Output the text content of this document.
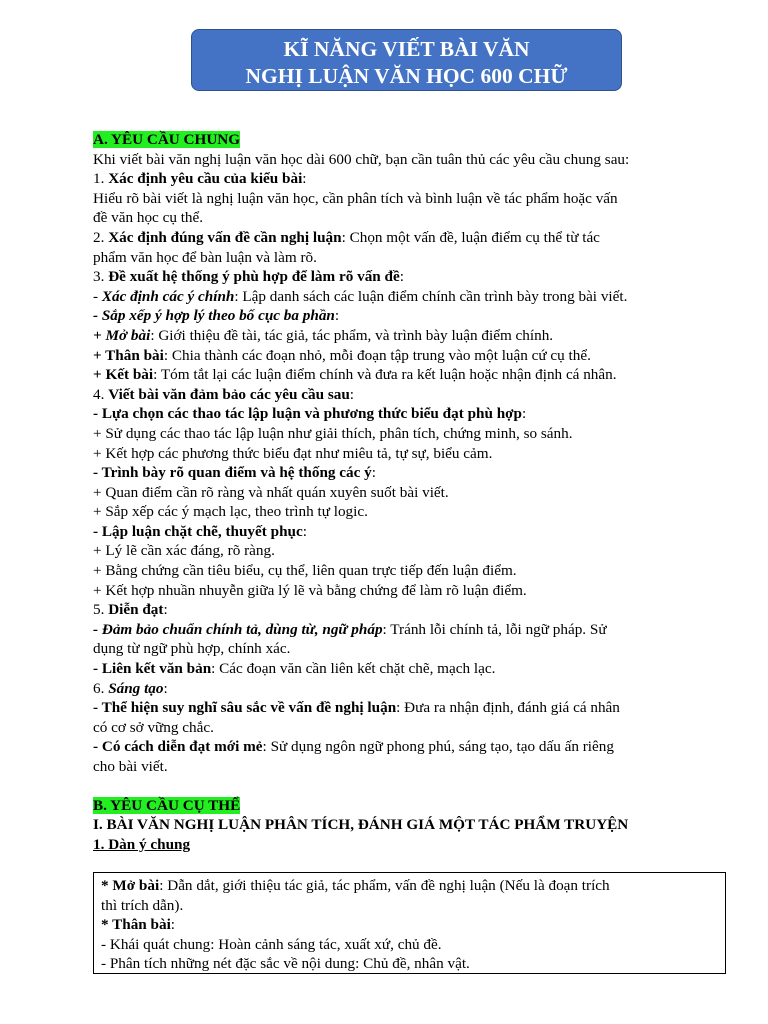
KĨ NĂNG VIẾT BÀI VĂN
NGHỊ LUẬN VĂN HỌC 600 CHỮ
A. YÊU CẦU CHUNG
Khi viết bài văn nghị luận văn học dài 600 chữ, bạn cần tuân thủ các yêu cầu chung sau:
1. Xác định yêu cầu của kiểu bài:
Hiểu rõ bài viết là nghị luận văn học, cần phân tích và bình luận về tác phẩm hoặc vấn
đề văn học cụ thể.
2. Xác định đúng vấn đề cần nghị luận: Chọn một vấn đề, luận điểm cụ thể từ tác
phẩm văn học để bàn luận và làm rõ.
3. Đề xuất hệ thống ý phù hợp để làm rõ vấn đề:
- Xác định các ý chính: Lập danh sách các luận điểm chính cần trình bày trong bài viết.
- Sắp xếp ý hợp lý theo bố cục ba phần:
+ Mở bài: Giới thiệu đề tài, tác giả, tác phẩm, và trình bày luận điểm chính.
+ Thân bài: Chia thành các đoạn nhỏ, mỗi đoạn tập trung vào một luận cứ cụ thể.
+ Kết bài: Tóm tắt lại các luận điểm chính và đưa ra kết luận hoặc nhận định cá nhân.
4. Viết bài văn đảm bảo các yêu cầu sau:
- Lựa chọn các thao tác lập luận và phương thức biểu đạt phù hợp:
+ Sử dụng các thao tác lập luận như giải thích, phân tích, chứng minh, so sánh.
+ Kết hợp các phương thức biểu đạt như miêu tả, tự sự, biểu cảm.
- Trình bày rõ quan điểm và hệ thống các ý:
+ Quan điểm cần rõ ràng và nhất quán xuyên suốt bài viết.
+ Sắp xếp các ý mạch lạc, theo trình tự logic.
- Lập luận chặt chẽ, thuyết phục:
+ Lý lẽ cần xác đáng, rõ ràng.
+ Bằng chứng cần tiêu biểu, cụ thể, liên quan trực tiếp đến luận điểm.
+ Kết hợp nhuần nhuyễn giữa lý lẽ và bằng chứng để làm rõ luận điểm.
5. Diễn đạt:
- Đảm bảo chuẩn chính tả, dùng từ, ngữ pháp: Tránh lỗi chính tả, lỗi ngữ pháp. Sử
dụng từ ngữ phù hợp, chính xác.
- Liên kết văn bản: Các đoạn văn cần liên kết chặt chẽ, mạch lạc.
6. Sáng tạo:
- Thể hiện suy nghĩ sâu sắc về vấn đề nghị luận: Đưa ra nhận định, đánh giá cá nhân
có cơ sở vững chắc.
- Có cách diễn đạt mới mẻ: Sử dụng ngôn ngữ phong phú, sáng tạo, tạo dấu ấn riêng
cho bài viết.
B. YÊU CẦU CỤ THỂ
I. BÀI VĂN NGHỊ LUẬN PHÂN TÍCH, ĐÁNH GIÁ MỘT TÁC PHẨM TRUYỆN
1. Dàn ý chung
* Mở bài: Dẫn dắt, giới thiệu tác giả, tác phẩm, vấn đề nghị luận (Nếu là đoạn trích
thì trích dẫn).
* Thân bài:
- Khái quát chung: Hoàn cảnh sáng tác, xuất xứ, chủ đề.
- Phân tích những nét đặc sắc về nội dung: Chủ đề, nhân vật.
